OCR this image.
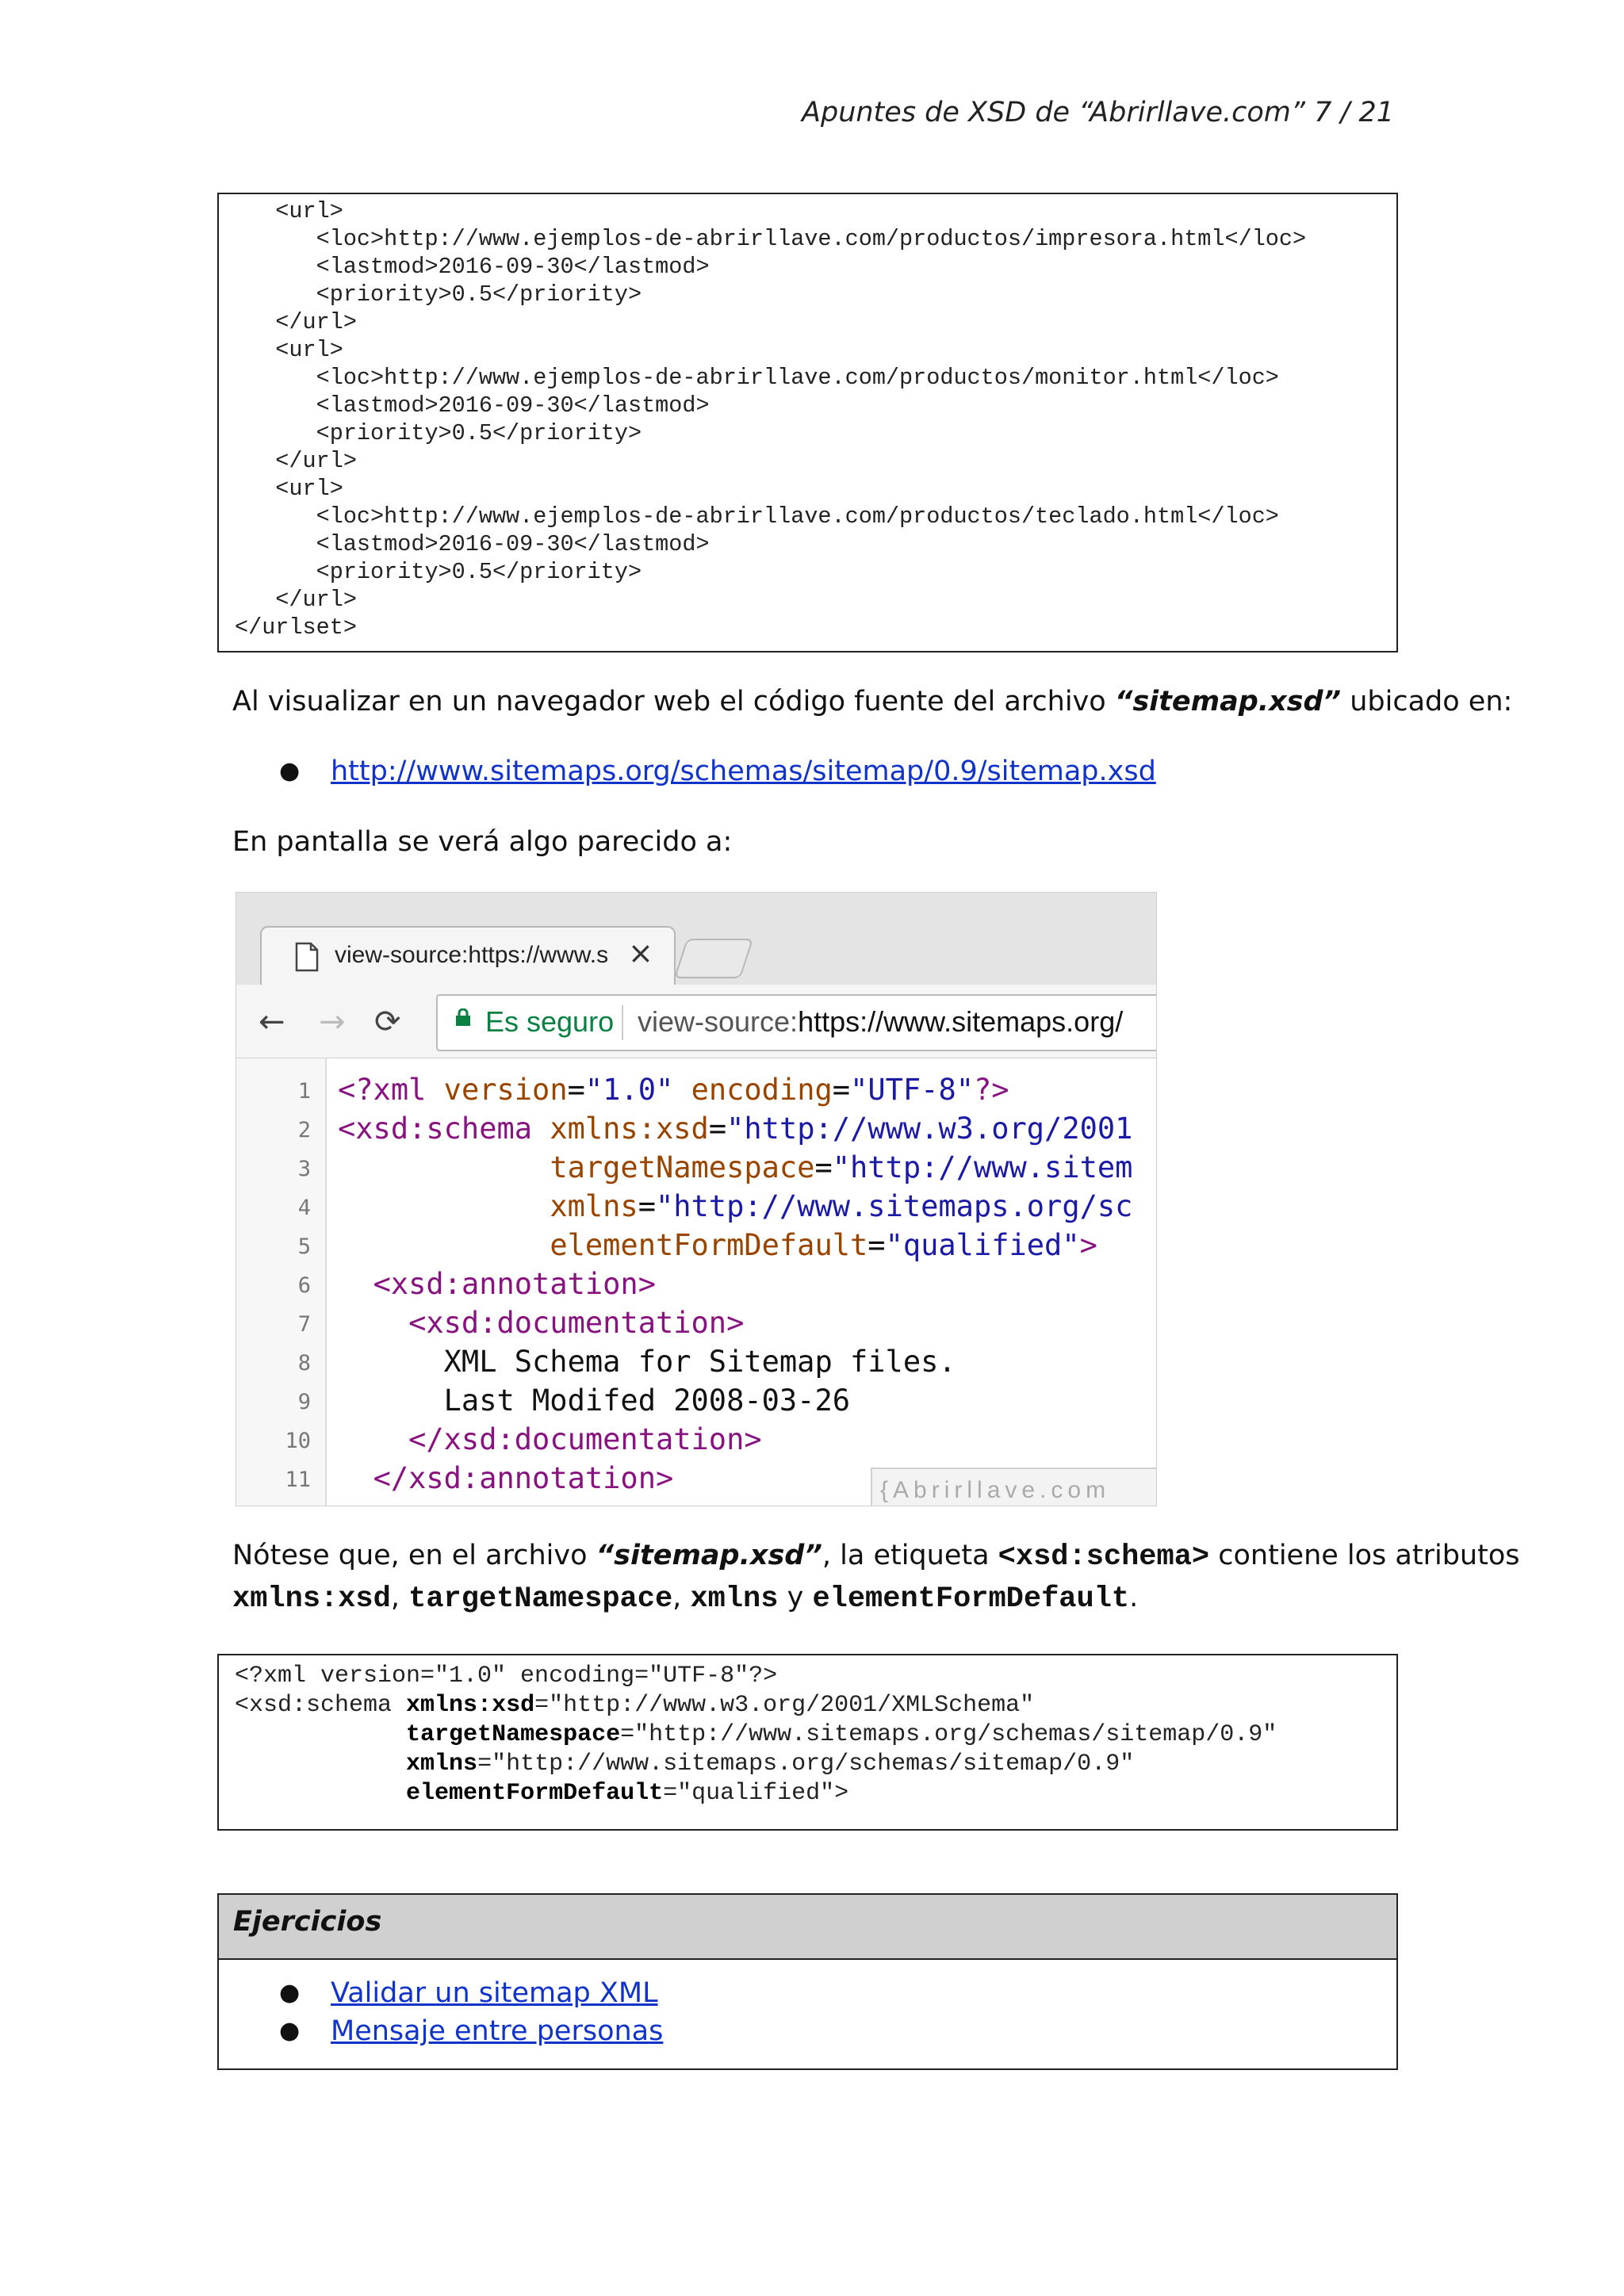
Apuntes de XSD de “Abrirllave.com” 7 / 21
<url>
<loc>http://www.ejemplos-de-abrirllave.com/productos/impresora.html</loc>
<lastmod>2016-09-30</lastmod>
<priority>0.5</priority>
</url>
<url>
<loc>http://www.ejemplos-de-abrirllave.com/productos/monitor.html</loc>
<lastmod>2016-09-30</lastmod>
<priority>0.5</priority>
</url>
<url>
<loc>http://www.ejemplos-de-abrirllave.com/productos/teclado.html</loc>
<lastmod>2016-09-30</lastmod>
<priority>0.5</priority>
</url>
</urlset>
Al visualizar en un navegador web el código fuente del archivo “sitemap.xsd” ubicado en:
● http://www.sitemaps.org/schemas/sitemap/0.9/sitemap.xsd
En pantalla se verá algo parecido a:
view-source:https://www.s ×
← → ⟳	Es seguro view-source:https://www.sitemaps.org/
1 <?xml version="1.0" encoding="UTF-8"?>
2 <xsd:schema xmlns:xsd="http://www.w3.org/2001
3	targetNamespace="http://www.sitem
4	xmlns="http://www.sitemaps.org/sc
5	elementFormDefault="qualified">
6	<xsd:annotation>
7	<xsd:documentation>
8 XML Schema for Sitemap files.
9 Last Modifed 2008-03-26
10	</xsd:documentation>
11	</xsd:annotation>	{Abrirllave.com
Nótese que, en el archivo “sitemap.xsd”, la etiqueta <xsd:schema> contiene los atributos
xmlns:xsd, targetNamespace, xmlns y elementFormDefault.
<?xml version="1.0" encoding="UTF-8"?>
<xsd:schema xmlns:xsd="http://www.w3.org/2001/XMLSchema"
targetNamespace="http://www.sitemaps.org/schemas/sitemap/0.9"
xmlns="http://www.sitemaps.org/schemas/sitemap/0.9"
elementFormDefault="qualified">
Ejercicios
● Validar un sitemap XML
● Mensaje entre personas
